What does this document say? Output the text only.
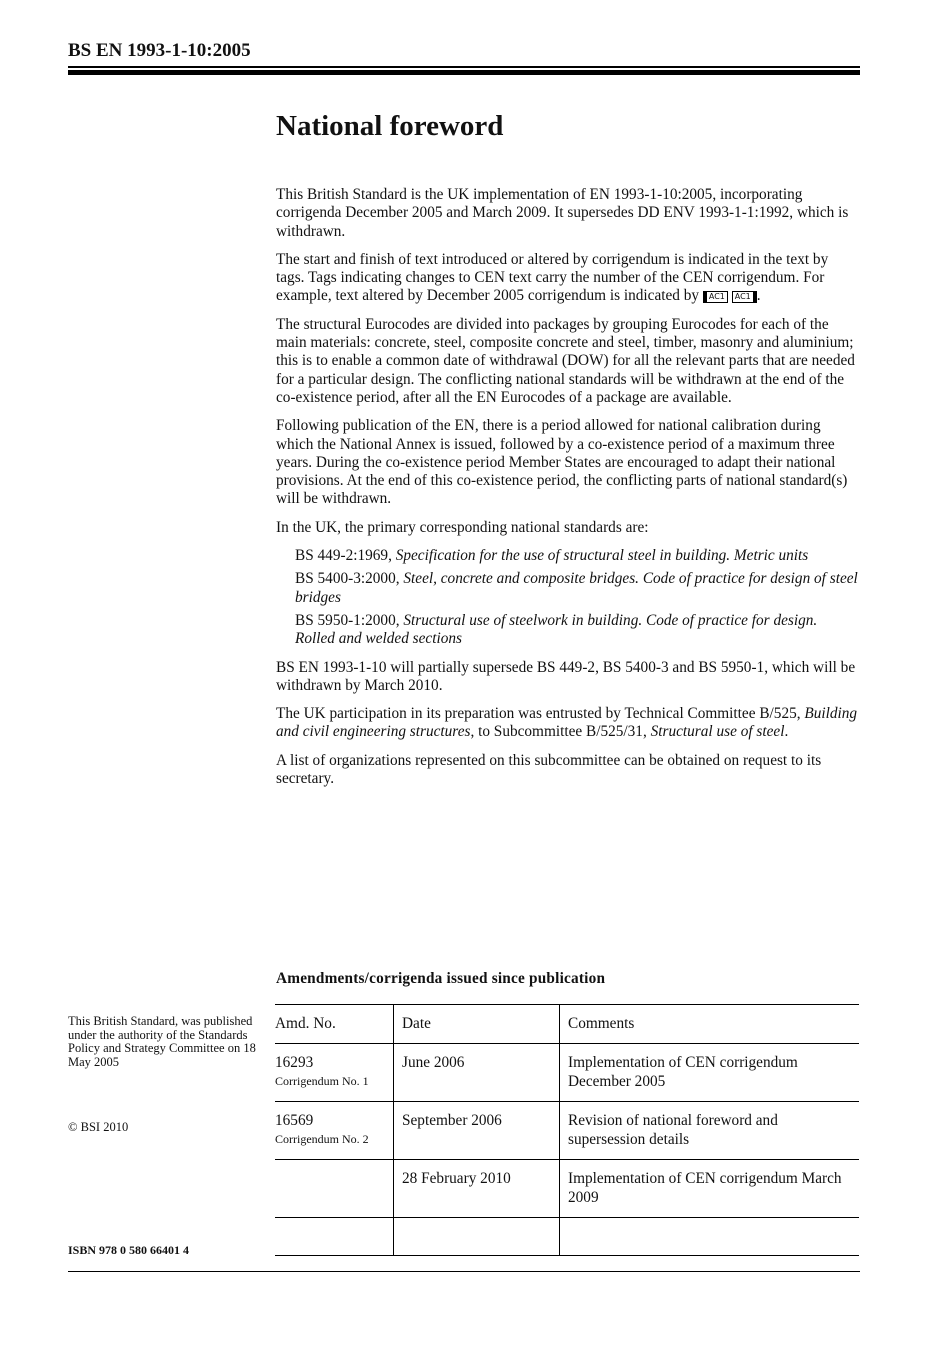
BS EN 1993-1-10:2005
National foreword

This British Standard is the UK implementation of EN 1993-1-10:2005, incorporating corrigenda December 2005 and March 2009. It supersedes DD ENV 1993-1-1:1992, which is withdrawn.

The start and finish of text introduced or altered by corrigendum is indicated in the text by tags. Tags indicating changes to CEN text carry the number of the CEN corrigendum. For example, text altered by December 2005 corrigendum is indicated by AC1 AC1 .

The structural Eurocodes are divided into packages by grouping Eurocodes for each of the main materials: concrete, steel, composite concrete and steel, timber, masonry and aluminium; this is to enable a common date of withdrawal (DOW) for all the relevant parts that are needed for a particular design. The conflicting national standards will be withdrawn at the end of the co-existence period, after all the EN Eurocodes of a package are available.

Following publication of the EN, there is a period allowed for national calibration during which the National Annex is issued, followed by a co-existence period of a maximum three years. During the co-existence period Member States are encouraged to adapt their national provisions. At the end of this co-existence period, the conflicting parts of national standard(s) will be withdrawn.

In the UK, the primary corresponding national standards are:

BS 449-2:1969, Specification for the use of structural steel in building. Metric units

BS 5400-3:2000, Steel, concrete and composite bridges. Code of practice for design of steel bridges

BS 5950-1:2000, Structural use of steelwork in building. Code of practice for design. Rolled and welded sections

BS EN 1993-1-10 will partially supersede BS 449-2, BS 5400-3 and BS 5950-1, which will be withdrawn by March 2010.

The UK participation in its preparation was entrusted by Technical Committee B/525, Building and civil engineering structures, to Subcommittee B/525/31, Structural use of steel.

A list of organizations represented on this subcommittee can be obtained on request to its secretary.

Amendments/corrigenda issued since publication
Amd. No.	Date	Comments

16293
Corrigendum No. 1	June 2006	Implementation of CEN corrigendum December 2005

16569
Corrigendum No. 2	September 2006	Revision of national foreword and supersession details

	28 February 2010	Implementation of CEN corrigendum March 2009

This British Standard, was published under the authority of the Standards Policy and Strategy Committee on 18 May 2005
© BSI 2010
ISBN 978 0 580 66401 4
